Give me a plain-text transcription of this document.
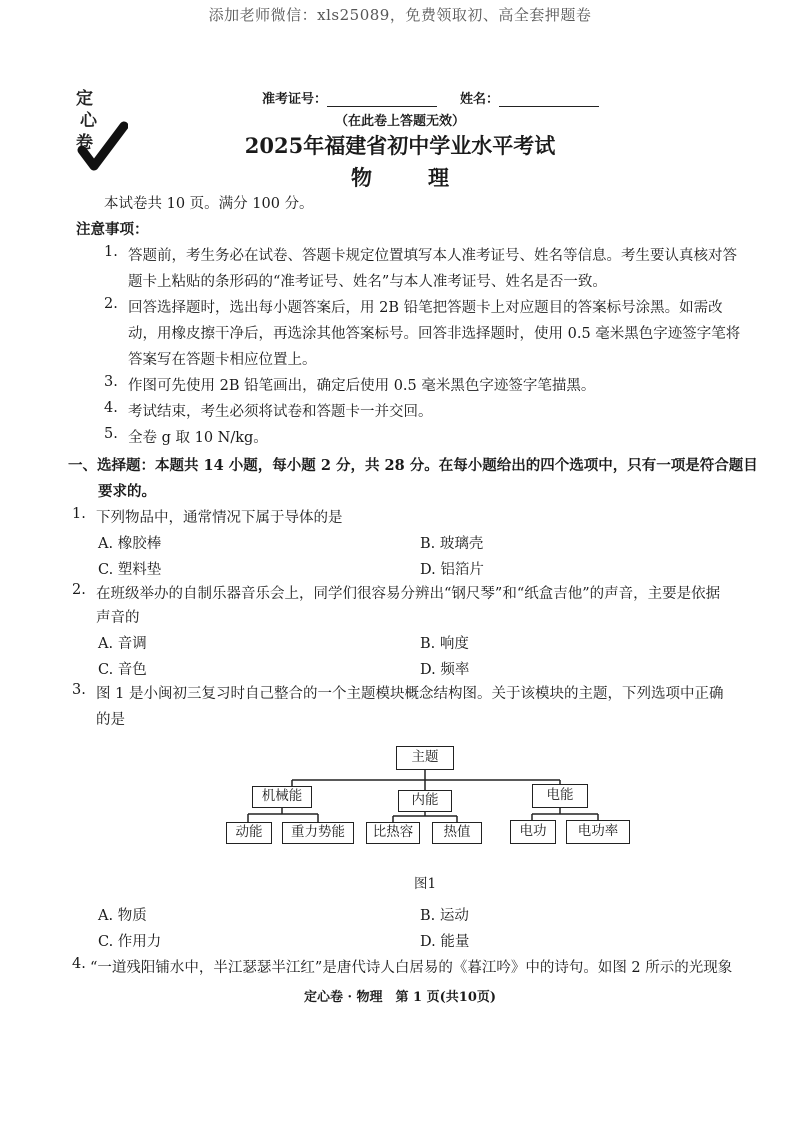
添加老师微信：xls25089，免费领取初、高全套押题卷
定
心
卷
准考证号：	姓名：
（在此卷上答题无效）
2025年福建省初中学业水平考试
物理
本试卷共 10 页。满分 100 分。
注意事项：
1. 答题前，考生务必在试卷、答题卡规定位置填写本人准考证号、姓名等信息。考生要认真核对答
题卡上粘贴的条形码的“准考证号、姓名”与本人准考证号、姓名是否一致。
2. 回答选择题时，选出每小题答案后，用 2B 铅笔把答题卡上对应题目的答案标号涂黑。如需改
动，用橡皮擦干净后，再选涂其他答案标号。回答非选择题时，使用 0.5 毫米黑色字迹签字笔将
答案写在答题卡相应位置上。
3. 作图可先使用 2B 铅笔画出，确定后使用 0.5 毫米黑色字迹签字笔描黑。
4. 考试结束，考生必须将试卷和答题卡一并交回。
5. 全卷 g 取 10 N/kg。
一、选择题：本题共 14 小题，每小题 2 分，共 28 分。在每小题给出的四个选项中，只有一项是符合题目
要求的。
1. 下列物品中，通常情况下属于导体的是
A. 橡胶棒	B. 玻璃壳
C. 塑料垫	D. 铝箔片
2. 在班级举办的自制乐器音乐会上，同学们很容易分辨出“钢尺琴”和“纸盒吉他”的声音，主要是依据
声音的
A. 音调	B. 响度
C. 音色	D. 频率
3. 图 1 是小闽初三复习时自己整合的一个主题模块概念结构图。关于该模块的主题，下列选项中正确
的是
主题
机械能	内能	电能
动能	重力势能	比热容	热值	电功	电功率
图1
A. 物质	B. 运动
C. 作用力	D. 能量
4. “一道残阳铺水中，半江瑟瑟半江红”是唐代诗人白居易的《暮江吟》中的诗句。如图 2 所示的光现象
定心卷 · 物理　第 1 页(共10页)
